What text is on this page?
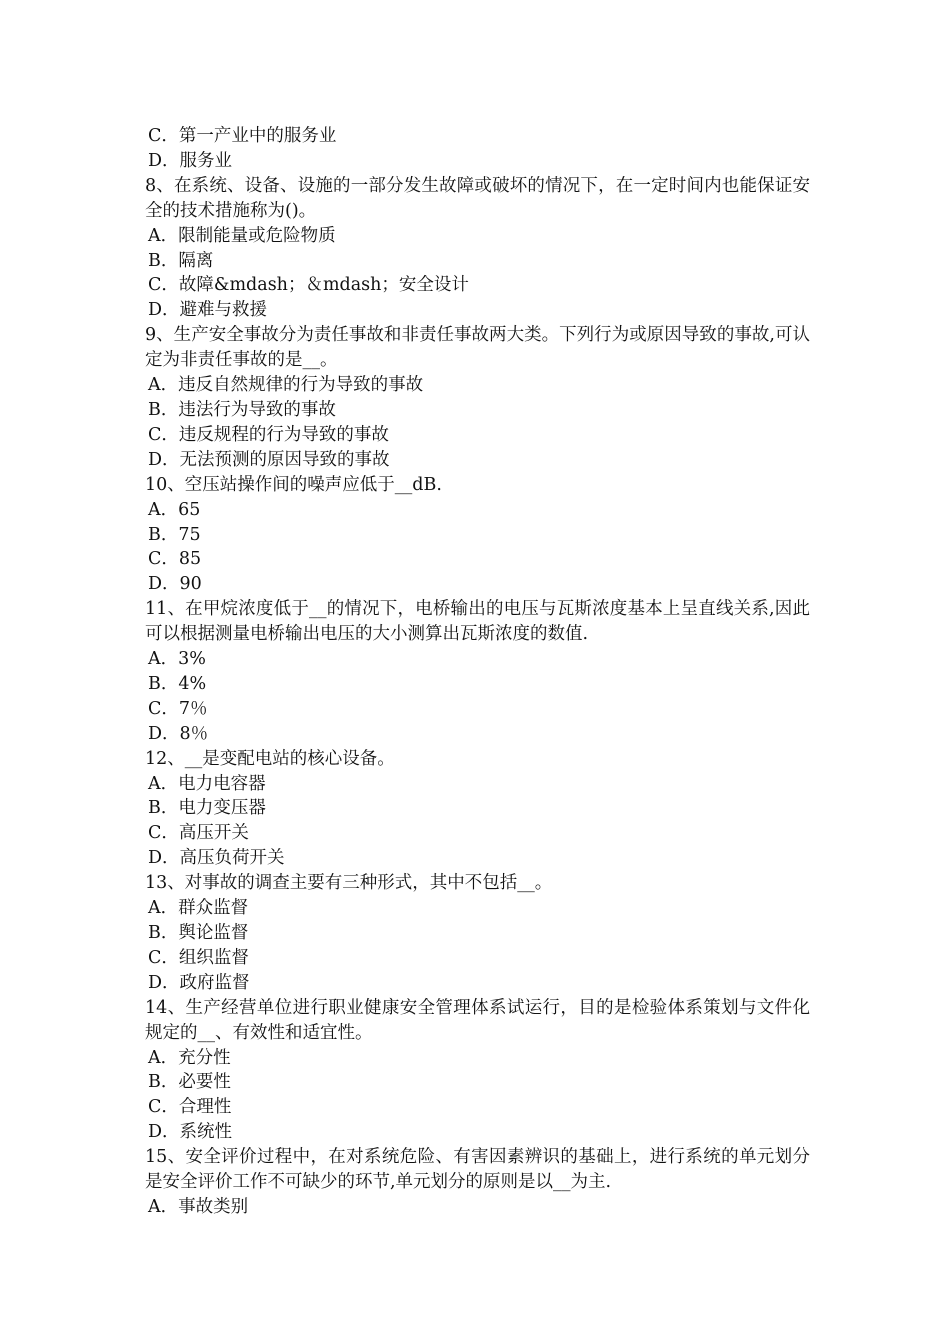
C．第一产业中的服务业
D．服务业
8、在系统、设备、设施的一部分发生故障或破坏的情况下，在一定时间内也能保证安全的技术措施称为()。
A．限制能量或危险物质
B．隔离
C．故障&mdash；＆mdash；安全设计
D．避难与救援
9、生产安全事故分为责任事故和非责任事故两大类。下列行为或原因导致的事故,可认定为非责任事故的是__。
A．违反自然规律的行为导致的事故
B．违法行为导致的事故
C．违反规程的行为导致的事故
D．无法预测的原因导致的事故
10、空压站操作间的噪声应低于__dB.
A．65
B．75
C．85
D．90
11、在甲烷浓度低于__的情况下，电桥输出的电压与瓦斯浓度基本上呈直线关系,因此可以根据测量电桥输出电压的大小测算出瓦斯浓度的数值.
A．3%
B．4%
C．7％
D．8％
12、__是变配电站的核心设备。
A．电力电容器
B．电力变压器
C．高压开关
D．高压负荷开关
13、对事故的调查主要有三种形式，其中不包括__。
A．群众监督
B．舆论监督
C．组织监督
D．政府监督
14、生产经营单位进行职业健康安全管理体系试运行，目的是检验体系策划与文件化规定的__、有效性和适宜性。
A．充分性
B．必要性
C．合理性
D．系统性
15、安全评价过程中，在对系统危险、有害因素辨识的基础上，进行系统的单元划分是安全评价工作不可缺少的环节,单元划分的原则是以__为主.
A．事故类别
